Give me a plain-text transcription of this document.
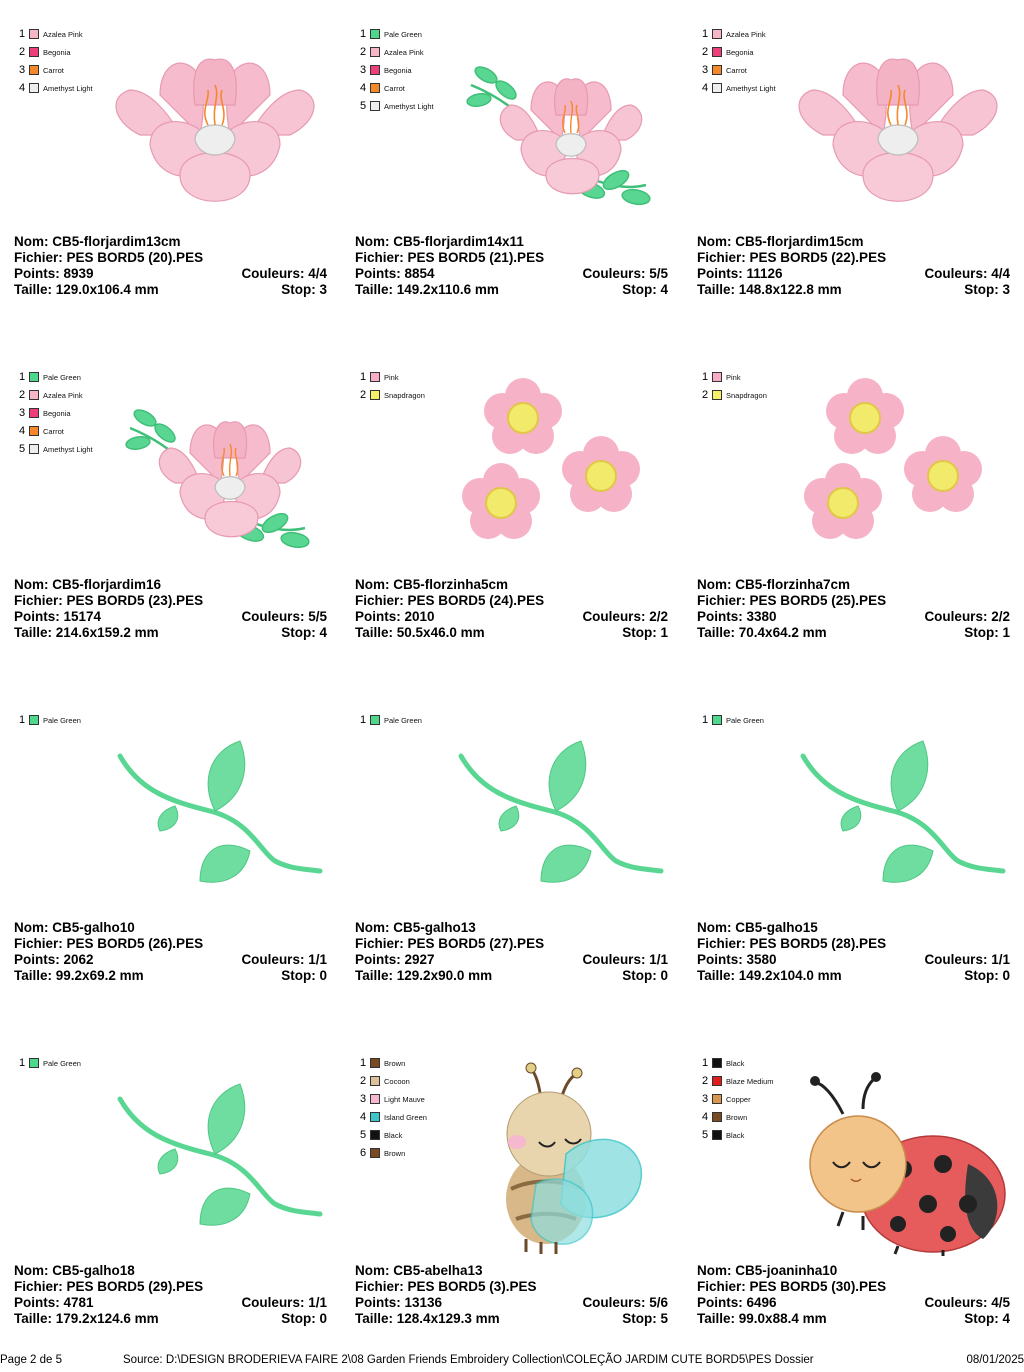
1	Azalea Pink
2	Begonia
3	Carrot
4	Amethyst Light
Nom: CB5-florjardim13cm
Fichier: PES BORD5 (20).PES
Points: 8939	Couleurs: 4/4
Taille: 129.0x106.4 mm	Stop: 3
1	Pale Green
2	Azalea Pink
3	Begonia
4	Carrot
5	Amethyst Light
Nom: CB5-florjardim14x11
Fichier: PES BORD5 (21).PES
Points: 8854	Couleurs: 5/5
Taille: 149.2x110.6 mm	Stop: 4
1	Azalea Pink
2	Begonia
3	Carrot
4	Amethyst Light
Nom: CB5-florjardim15cm
Fichier: PES BORD5 (22).PES
Points: 11126	Couleurs: 4/4
Taille: 148.8x122.8 mm	Stop: 3
1	Pale Green
2	Azalea Pink
3	Begonia
4	Carrot
5	Amethyst Light
Nom: CB5-florjardim16
Fichier: PES BORD5 (23).PES
Points: 15174	Couleurs: 5/5
Taille: 214.6x159.2 mm	Stop: 4
1	Pink
2	Snapdragon
Nom: CB5-florzinha5cm
Fichier: PES BORD5 (24).PES
Points: 2010	Couleurs: 2/2
Taille: 50.5x46.0 mm	Stop: 1
1	Pink
2	Snapdragon
Nom: CB5-florzinha7cm
Fichier: PES BORD5 (25).PES
Points: 3380	Couleurs: 2/2
Taille: 70.4x64.2 mm	Stop: 1
1	Pale Green
Nom: CB5-galho10
Fichier: PES BORD5 (26).PES
Points: 2062	Couleurs: 1/1
Taille: 99.2x69.2 mm	Stop: 0
1	Pale Green
Nom: CB5-galho13
Fichier: PES BORD5 (27).PES
Points: 2927	Couleurs: 1/1
Taille: 129.2x90.0 mm	Stop: 0
1	Pale Green
Nom: CB5-galho15
Fichier: PES BORD5 (28).PES
Points: 3580	Couleurs: 1/1
Taille: 149.2x104.0 mm	Stop: 0
1	Pale Green
Nom: CB5-galho18
Fichier: PES BORD5 (29).PES
Points: 4781	Couleurs: 1/1
Taille: 179.2x124.6 mm	Stop: 0
1	Brown
2	Cocoon
3	Light Mauve
4	Island Green
5	Black
6	Brown
Nom: CB5-abelha13
Fichier: PES BORD5 (3).PES
Points: 13136	Couleurs: 5/6
Taille: 128.4x129.3 mm	Stop: 5
1	Black
2	Blaze Medium
3	Copper
4	Brown
5	Black
Nom: CB5-joaninha10
Fichier: PES BORD5 (30).PES
Points: 6496	Couleurs: 4/5
Taille: 99.0x88.4 mm	Stop: 4
Page 2 de 5	Source: D:\DESIGN BRODERIEVA FAIRE 2\08 Garden Friends Embroidery Collection\COLEÇÃO JARDIM CUTE BORD5\PES Dossier	08/01/2025
